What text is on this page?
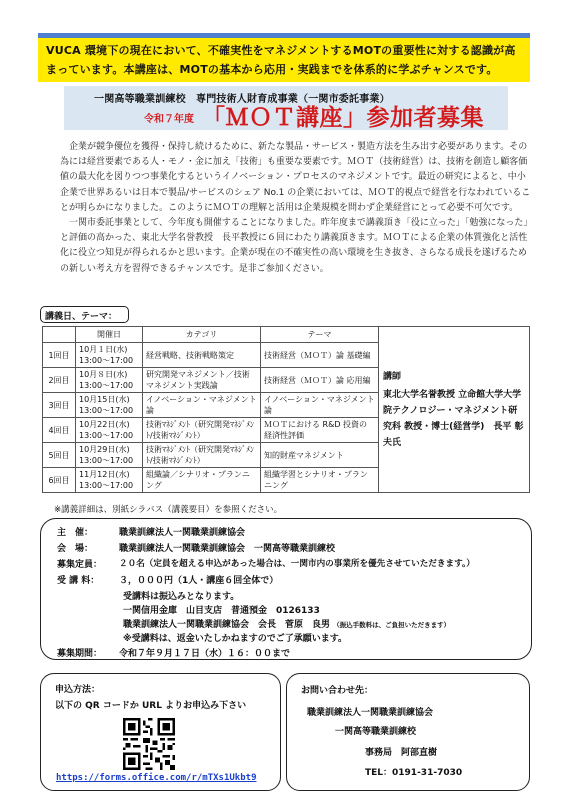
VUCA 環境下の現在において、不確実性をマネジメントするMOTの重要性に対する認識が高
まっています。本講座は、MOTの基本から応用・実践までを体系的に学ぶチャンスです。
一関高等職業訓練校　専門技術人財育成事業（一関市委託事業）
令和７年度 「ＭＯＴ講座」参加者募集

企業が競争優位を獲得・保持し続けるために、新たな製品・サービス・製造方法を生み出す必要があります。その為には経営要素である人・モノ・金に加え「技術」も重要な要素です。ＭＯＴ（技術経営）は、技術を創造し顧客価値の最大化を図りつつ事業化するというイノベーション・プロセスのマネジメントです。最近の研究によると、中小企業で世界あるいは日本で製品/サービスのシェア No.1 の企業においては、ＭＯＴ的視点で経営を行なわれていることが明らかになりました。このようにＭＯＴの理解と活用は企業規模を問わず企業経営にとって必要不可欠です。

一関市委託事業として、今年度も開催することになりました。昨年度まで講義頂き「役に立った」「勉強になった」と評価の高かった、東北大学名誉教授　長平教授に６回にわたり講義頂きます。ＭＯＴによる企業の体質強化と活性化に役立つ知見が得られるかと思います。企業が現在の不確実性の高い環境を生き抜き、さらなる成長を遂げるための新しい考え方を習得できるチャンスです。是非ご参加ください。

講義日、テーマ：
	開催日	カテゴリ	テーマ	講師
東北大学名誉教授 立命館大学大学院テクノロジー・マネジメント研究科 教授・博士(経営学)　長平 彰夫氏
1回目	10月１日(水) 13:00～17:00	経営戦略、技術戦略策定	技術経営（ＭＯＴ）論 基礎編	
2回目	10月８日(水) 13:00～17:00	研究開発マネジメント／技術マネジメント実践論	技術経営（ＭＯＴ）論 応用編	
3回目	10月15日(水) 13:00～17:00	イノベーション・マネジメント論	イノベーション・マネジメント論	
4回目	10月22日(水) 13:00～17:00	技術ﾏﾈｼﾞﾒﾝﾄ（研究開発ﾏﾈｼﾞﾒﾝﾄ/技術ﾏﾈｼﾞﾒﾝﾄ）	ＭＯＴにおける R&D 投資の経済性評価	
5回目	10月29日(水) 13:00～17:00	技術ﾏﾈｼﾞﾒﾝﾄ（研究開発ﾏﾈｼﾞﾒﾝﾄ/技術ﾏﾈｼﾞﾒﾝﾄ）	知的財産マネジメント	
6回目	11月12日(水) 13:00～17:00	組織論／シナリオ・プランニング	組織学習とシナリオ・プランニング	
※講義詳細は、別紙シラバス（講義要目）を参照ください。
主　催：	職業訓練法人一関職業訓練協会
会　場：	職業訓練法人一関職業訓練協会　一関高等職業訓練校
募集定員： ２０名（定員を超える申込があった場合は、一関市内の事業所を優先させていただきます。）
受 講 料： ３，０００円（1人・講座６回全体で）
受講料は振込みとなります。
一関信用金庫　山目支店　普通預金　0126133
職業訓練法人一関職業訓練協会　会長　菅原　良男 （振込手数料は、ご負担いただきます）
※受講料は、返金いたしかねますのでご了承願います。
募集期間： 令和７年９月１７日（水）１６：００まで
申込方法：
以下の QR コードか URL よりお申込み下さい
https://forms.office.com/r/mTXs1Ukbt9
お問い合わせ先：
職業訓練法人一関職業訓練協会
一関高等職業訓練校
事務局　阿部直樹
TEL：0191-31-7030
